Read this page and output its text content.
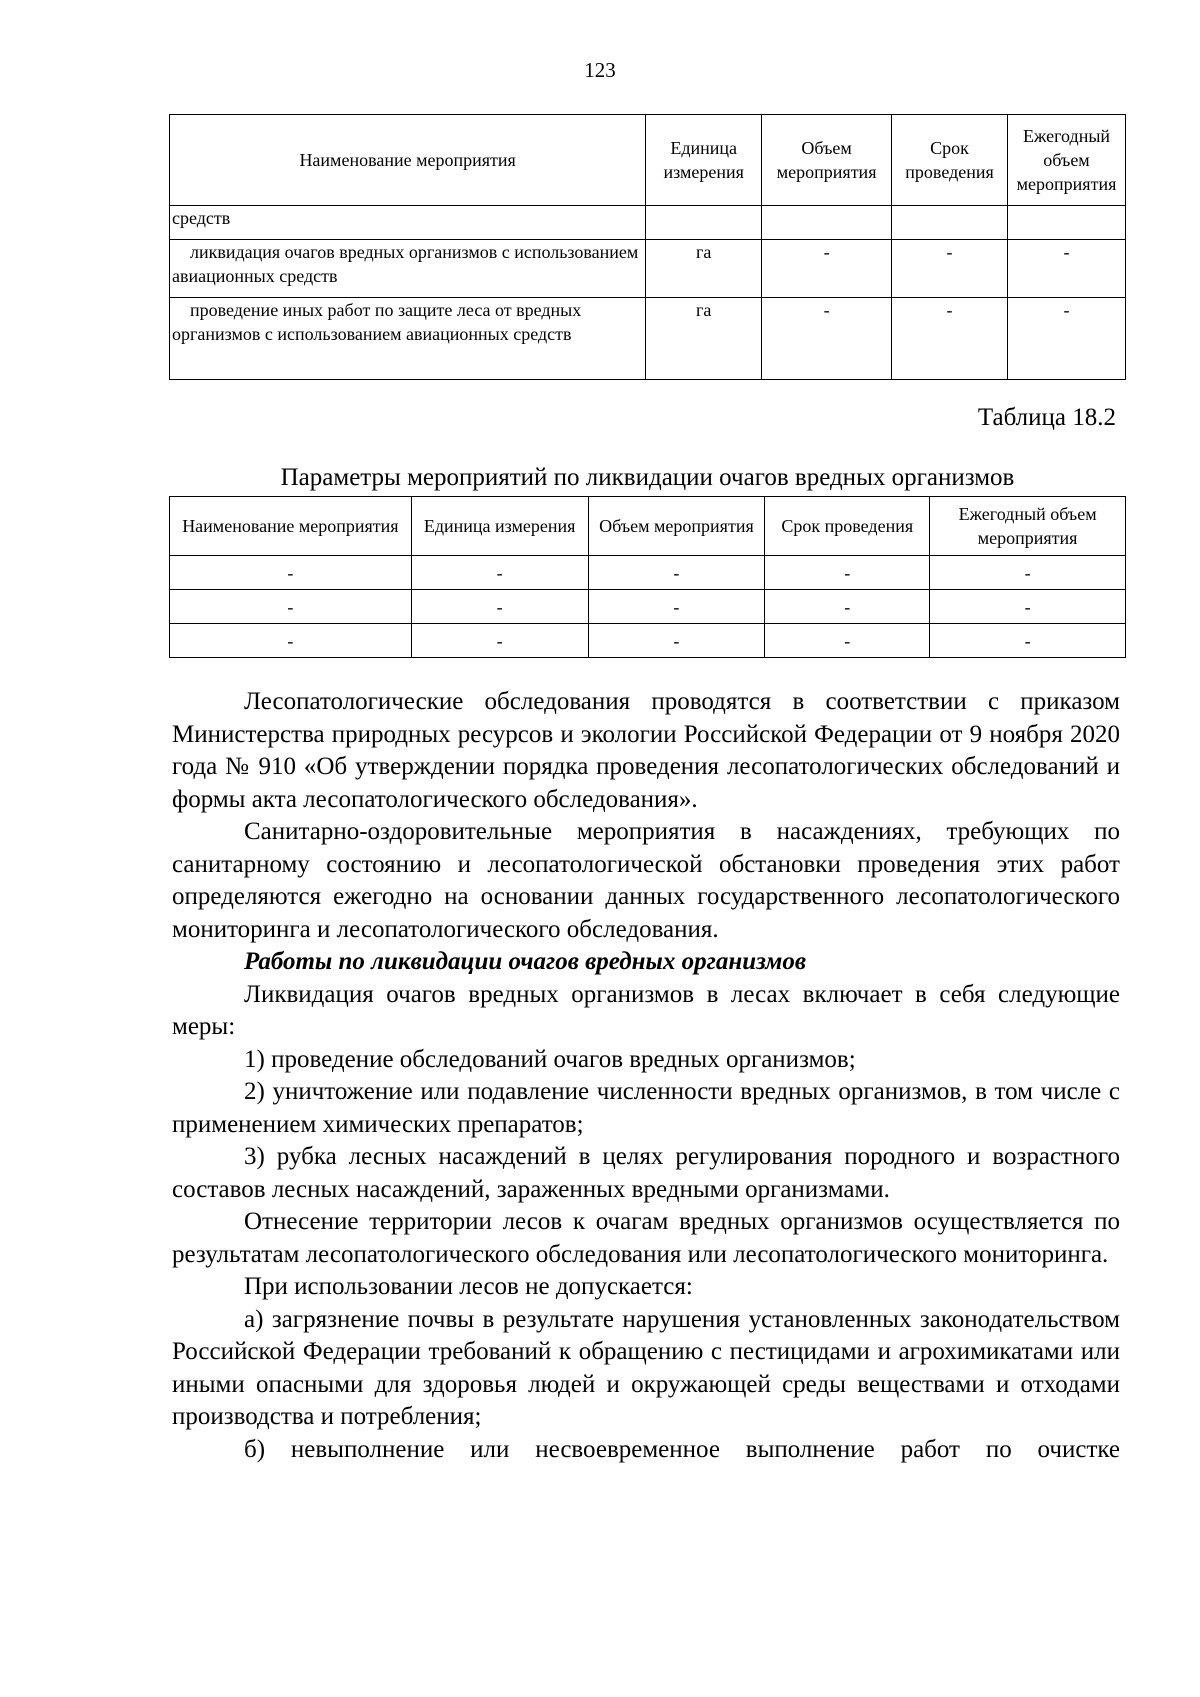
123
Наименование мероприятия	Единица измерения	Объем мероприятия	Срок проведения	Ежегодный объем мероприятия
средств				
ликвидация очагов вредных организмов с использованием авиационных средств	га	-	-	-
проведение иных работ по защите леса от вредных организмов с использованием авиационных средств	га	-	-	-
Таблица 18.2
Параметры мероприятий по ликвидации очагов вредных организмов
Наименование мероприятия	Единица измерения	Объем мероприятия	Срок проведения	Ежегодный объем мероприятия
-	-	-	-	-
-	-	-	-	-
-	-	-	-	-

Лесопатологические обследования проводятся в соответствии с приказом Министерства природных ресурсов и экологии Российской Федерации от 9 ноября 2020 года № 910 «Об утверждении порядка проведения лесопатологических обследований и формы акта лесопатологического обследования».

Санитарно-оздоровительные мероприятия в насаждениях, требующих по санитарному состоянию и лесопатологической обстановки проведения этих работ определяются ежегодно на основании данных государственного лесопатологического мониторинга и лесопатологического обследования.

Работы по ликвидации очагов вредных организмов

Ликвидация очагов вредных организмов в лесах включает в себя следующие меры:

1) проведение обследований очагов вредных организмов;

2) уничтожение или подавление численности вредных организмов, в том числе с применением химических препаратов;

3) рубка лесных насаждений в целях регулирования породного и возрастного составов лесных насаждений, зараженных вредными организмами.

Отнесение территории лесов к очагам вредных организмов осуществляется по результатам лесопатологического обследования или лесопатологического мониторинга.

При использовании лесов не допускается:

а) загрязнение почвы в результате нарушения установленных законодательством Российской Федерации требований к обращению с пестицидами и агрохимикатами или иными опасными для здоровья людей и окружающей среды веществами и отходами производства и потребления;

б) невыполнение или несвоевременное выполнение работ по очистке
